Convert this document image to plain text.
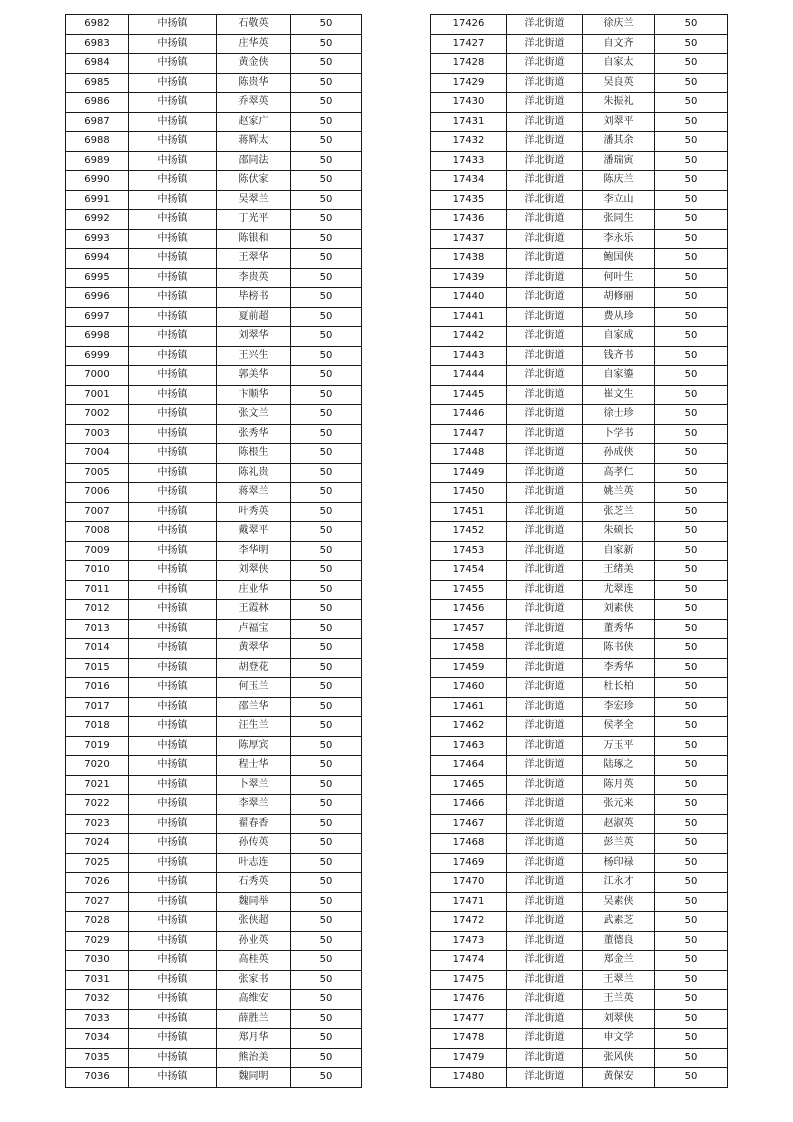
6982	中扬镇	石敬英	50
6983	中扬镇	庄华英	50
6984	中扬镇	黄金侠	50
6985	中扬镇	陈贵华	50
6986	中扬镇	乔翠英	50
6987	中扬镇	赵家广	50
6988	中扬镇	蒋辉太	50
6989	中扬镇	邵同法	50
6990	中扬镇	陈伏家	50
6991	中扬镇	吴翠兰	50
6992	中扬镇	丁光平	50
6993	中扬镇	陈银和	50
6994	中扬镇	王翠华	50
6995	中扬镇	李贵英	50
6996	中扬镇	毕榜书	50
6997	中扬镇	夏前超	50
6998	中扬镇	刘翠华	50
6999	中扬镇	王兴生	50
7000	中扬镇	郭美华	50
7001	中扬镇	卞顺华	50
7002	中扬镇	张文兰	50
7003	中扬镇	张秀华	50
7004	中扬镇	陈根生	50
7005	中扬镇	陈礼贵	50
7006	中扬镇	蒋翠兰	50
7007	中扬镇	叶秀英	50
7008	中扬镇	戴翠平	50
7009	中扬镇	李华明	50
7010	中扬镇	刘翠侠	50
7011	中扬镇	庄业华	50
7012	中扬镇	王霞林	50
7013	中扬镇	卢福宝	50
7014	中扬镇	黄翠华	50
7015	中扬镇	胡登花	50
7016	中扬镇	何玉兰	50
7017	中扬镇	邵兰华	50
7018	中扬镇	汪生兰	50
7019	中扬镇	陈厚宾	50
7020	中扬镇	程士华	50
7021	中扬镇	卜翠兰	50
7022	中扬镇	李翠兰	50
7023	中扬镇	翟春香	50
7024	中扬镇	孙传英	50
7025	中扬镇	叶志连	50
7026	中扬镇	石秀英	50
7027	中扬镇	魏同举	50
7028	中扬镇	张侠超	50
7029	中扬镇	孙业英	50
7030	中扬镇	高桂英	50
7031	中扬镇	张家书	50
7032	中扬镇	高维安	50
7033	中扬镇	薛胜兰	50
7034	中扬镇	郑月华	50
7035	中扬镇	熊治美	50
7036	中扬镇	魏同明	50
17426	洋北街道	徐庆兰	50
17427	洋北街道	自文齐	50
17428	洋北街道	自家太	50
17429	洋北街道	吴良英	50
17430	洋北街道	朱振礼	50
17431	洋北街道	刘翠平	50
17432	洋北街道	潘其余	50
17433	洋北街道	潘瑞寅	50
17434	洋北街道	陈庆兰	50
17435	洋北街道	李立山	50
17436	洋北街道	张同生	50
17437	洋北街道	李永乐	50
17438	洋北街道	鲍国侠	50
17439	洋北街道	何叶生	50
17440	洋北街道	胡修丽	50
17441	洋北街道	费从珍	50
17442	洋北街道	自家成	50
17443	洋北街道	钱齐书	50
17444	洋北街道	自家鎏	50
17445	洋北街道	崔文生	50
17446	洋北街道	徐士珍	50
17447	洋北街道	卜学书	50
17448	洋北街道	孙成侠	50
17449	洋北街道	高孝仁	50
17450	洋北街道	姚兰英	50
17451	洋北街道	张芝兰	50
17452	洋北街道	朱硕长	50
17453	洋北街道	自家新	50
17454	洋北街道	王绪美	50
17455	洋北街道	尤翠连	50
17456	洋北街道	刘素侠	50
17457	洋北街道	董秀华	50
17458	洋北街道	陈书侠	50
17459	洋北街道	李秀华	50
17460	洋北街道	杜长柏	50
17461	洋北街道	李宏珍	50
17462	洋北街道	侯孝全	50
17463	洋北街道	万玉平	50
17464	洋北街道	陆琢之	50
17465	洋北街道	陈月英	50
17466	洋北街道	张元来	50
17467	洋北街道	赵淑英	50
17468	洋北街道	彭兰英	50
17469	洋北街道	杨印禄	50
17470	洋北街道	江永才	50
17471	洋北街道	吴素侠	50
17472	洋北街道	武素芝	50
17473	洋北街道	董德良	50
17474	洋北街道	郑金兰	50
17475	洋北街道	王翠兰	50
17476	洋北街道	王兰英	50
17477	洋北街道	刘翠侠	50
17478	洋北街道	申文学	50
17479	洋北街道	张风侠	50
17480	洋北街道	黄保安	50
